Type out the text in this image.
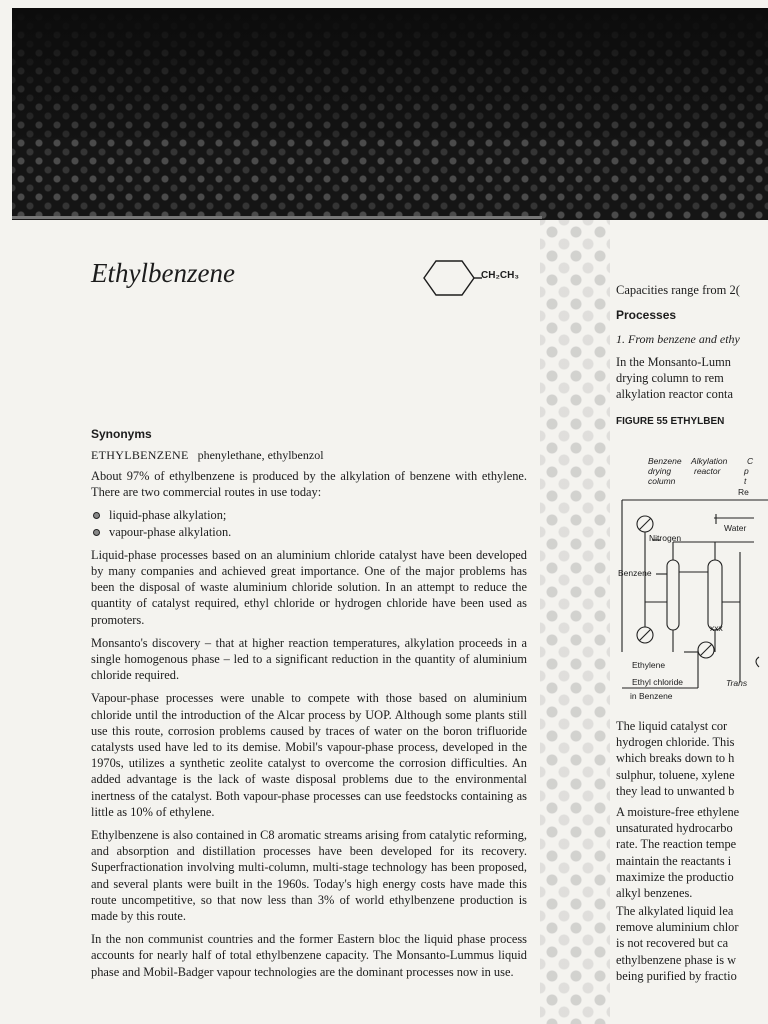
Ethylbenzene	CH₂CH₃
Synonyms
ETHYLBENZENE phenylethane, ethylbenzol

About 97% of ethylbenzene is produced by the alkylation of benzene with ethylene. There are two commercial routes in use today:

liquid-phase alkylation;
vapour-phase alkylation.

Liquid-phase processes based on an aluminium chloride catalyst have been developed by many companies and achieved great importance. One of the major problems has been the disposal of waste aluminium chloride solution. In an attempt to reduce the quantity of catalyst required, ethyl chloride or hydrogen chloride have been used as promoters.

Monsanto's discovery – that at higher reaction temperatures, alkylation proceeds in a single homogenous phase – led to a significant reduction in the quantity of aluminium chloride required.

Vapour-phase processes were unable to compete with those based on aluminium chloride until the introduction of the Alcar process by UOP. Although some plants still use this route, corrosion problems caused by traces of water on the boron trifluoride catalysts used have led to its demise. Mobil's vapour-phase process, developed in the 1970s, utilizes a synthetic zeolite catalyst to overcome the corrosion difficulties. An added advantage is the lack of waste disposal problems due to the environmental inertness of the catalyst. Both vapour-phase processes can use feedstocks containing as little as 10% of ethylene.

Ethylbenzene is also contained in C8 aromatic streams arising from catalytic reforming, and absorption and distillation processes have been developed for its recovery. Superfractionation involving multi-column, multi-stage technology has been proposed, and several plants were built in the 1960s. Today's high energy costs have made this route uncompetitive, so that now less than 3% of world ethylbenzene production is made by this route.

In the non communist countries and the former Eastern bloc the liquid phase process accounts for nearly half of total ethylbenzene capacity. The Monsanto-Lummus liquid phase and Mobil-Badger vapour technologies are the dominant processes now in use.

Capacities range from 2(
Processes
1. From benzene and ethy
In the Monsanto-Lumn
drying column to rem
alkylation reactor conta
FIGURE 55 ETHYLBEN
Benzene
drying
column
Alkylation
reactor
C
p
t
Re
Water
Nitrogen
Benzene
xxx
Ethylene
Ethyl chloride
in Benzene
Trans
The liquid catalyst cor
hydrogen chloride. This
which breaks down to h
sulphur, toluene, xylene
they lead to unwanted b
A moisture-free ethylene
unsaturated hydrocarbo
rate. The reaction tempe
maintain the reactants i
maximize the productio
alkyl benzenes.
The alkylated liquid lea
remove aluminium chlor
is not recovered but ca
ethylbenzene phase is w
being purified by fractio
